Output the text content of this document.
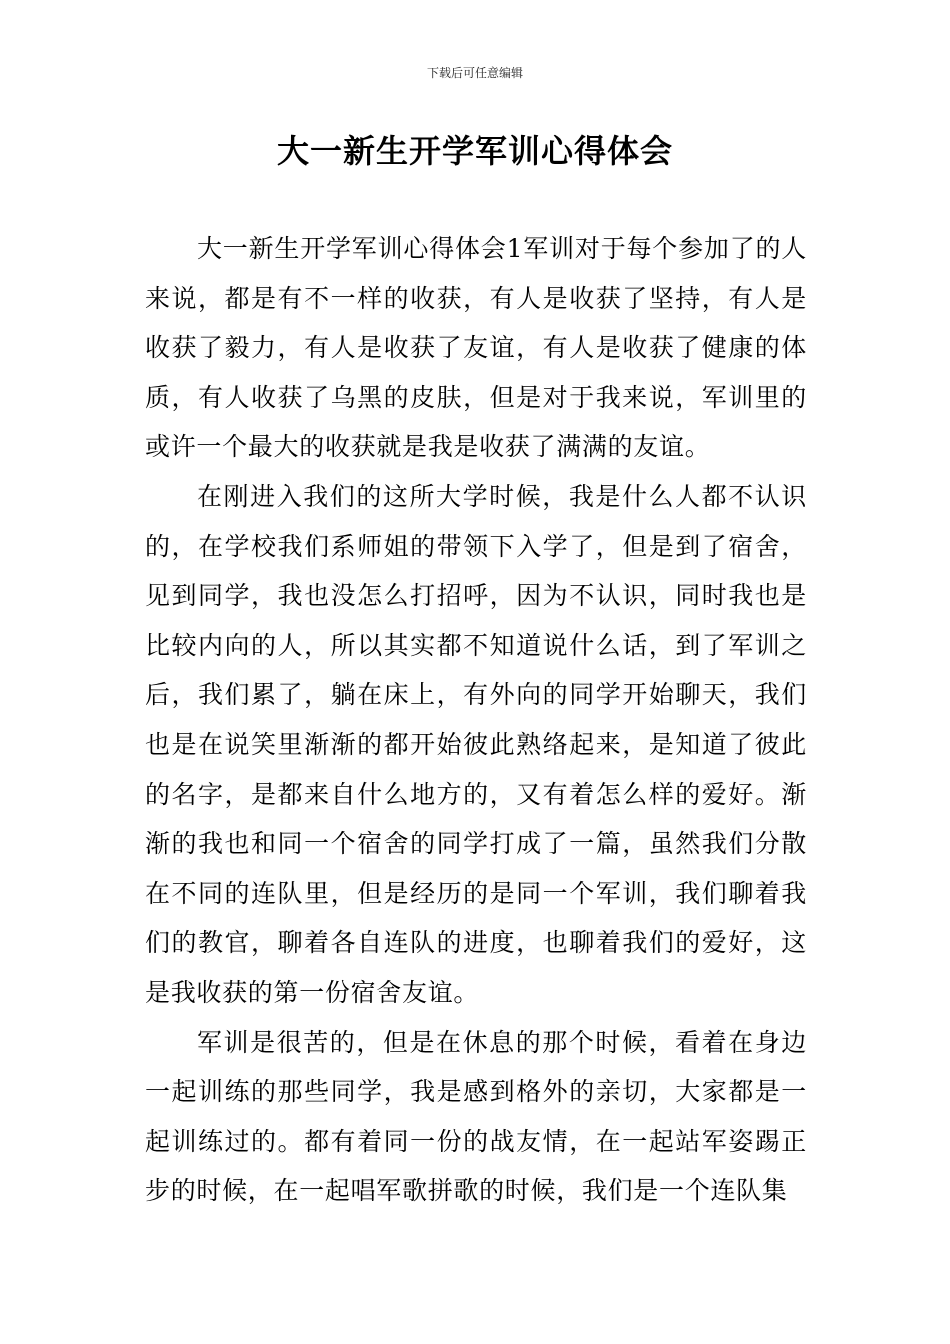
下载后可任意编辑
大一新生开学军训心得体会

大一新生开学军训心得体会1军训对于每个参加了的人来说，都是有不一样的收获，有人是收获了坚持，有人是收获了毅力，有人是收获了友谊，有人是收获了健康的体质，有人收获了乌黑的皮肤，但是对于我来说，军训里的或许一个最大的收获就是我是收获了满满的友谊。

在刚进入我们的这所大学时候，我是什么人都不认识的，在学校我们系师姐的带领下入学了，但是到了宿舍，见到同学，我也没怎么打招呼，因为不认识，同时我也是比较内向的人，所以其实都不知道说什么话，到了军训之后，我们累了，躺在床上，有外向的同学开始聊天，我们也是在说笑里渐渐的都开始彼此熟络起来，是知道了彼此的名字，是都来自什么地方的，又有着怎么样的爱好。渐渐的我也和同一个宿舍的同学打成了一篇，虽然我们分散在不同的连队里，但是经历的是同一个军训，我们聊着我们的教官，聊着各自连队的进度，也聊着我们的爱好，这是我收获的第一份宿舍友谊。

军训是很苦的，但是在休息的那个时候，看着在身边一起训练的那些同学，我是感到格外的亲切，大家都是一起训练过的。都有着同一份的战友情，在一起站军姿踢正步的时候，在一起唱军歌拼歌的时候，我们是一个连队集
